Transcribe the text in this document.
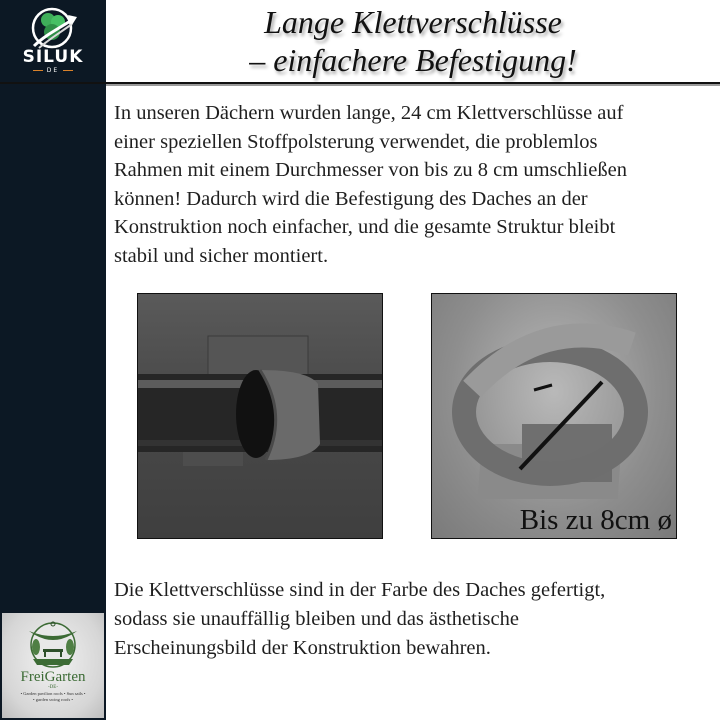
SILUK
DE
Lange Klettverschlüsse
– einfachere Befestigung!
In unseren Dächern wurden lange, 24 cm Klettverschlüsse auf
einer speziellen Stoffpolsterung verwendet, die problemlos
Rahmen mit einem Durchmesser von bis zu 8 cm umschließen
können! Dadurch wird die Befestigung des Daches an der
Konstruktion noch einfacher, und die gesamte Struktur bleibt
stabil und sicher montiert.
Bis zu 8cm ø
Die Klettverschlüsse sind in der Farbe des Daches gefertigt,
sodass sie unauffällig bleiben und das ästhetische
Erscheinungsbild der Konstruktion bewahren.
FreiGarten
-DE-
• Garden pavilion roofs • Sun sails •
• garden swing roofs •
